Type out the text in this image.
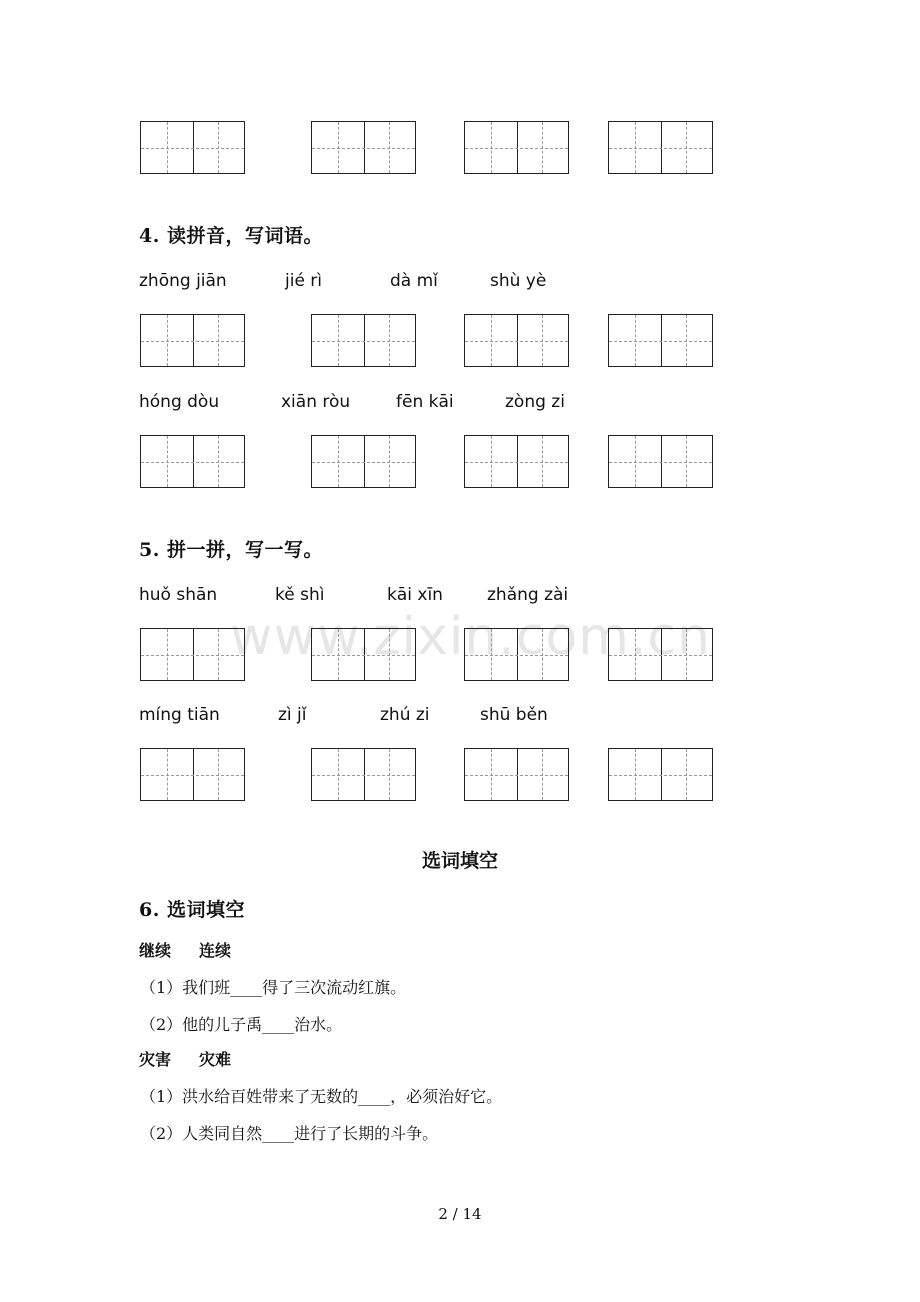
www.zixin.com.cn
4. 读拼音，写词语。
zhōng jiān	jié rì	dà mǐ	shù yè
hóng dòu	xiān ròu	fēn kāi	zòng zi
5. 拼一拼，写一写。
huǒ shān	kě shì	kāi xīn	zhǎng zài
míng tiān	zì jǐ	zhú zi	shū běn
选词填空
6. 选词填空
继续 连续
（1）我们班____得了三次流动红旗。
（2）他的儿子禹____治水。
灾害 灾难
（1）洪水给百姓带来了无数的____，必须治好它。
（2）人类同自然____进行了长期的斗争。
2 / 14
